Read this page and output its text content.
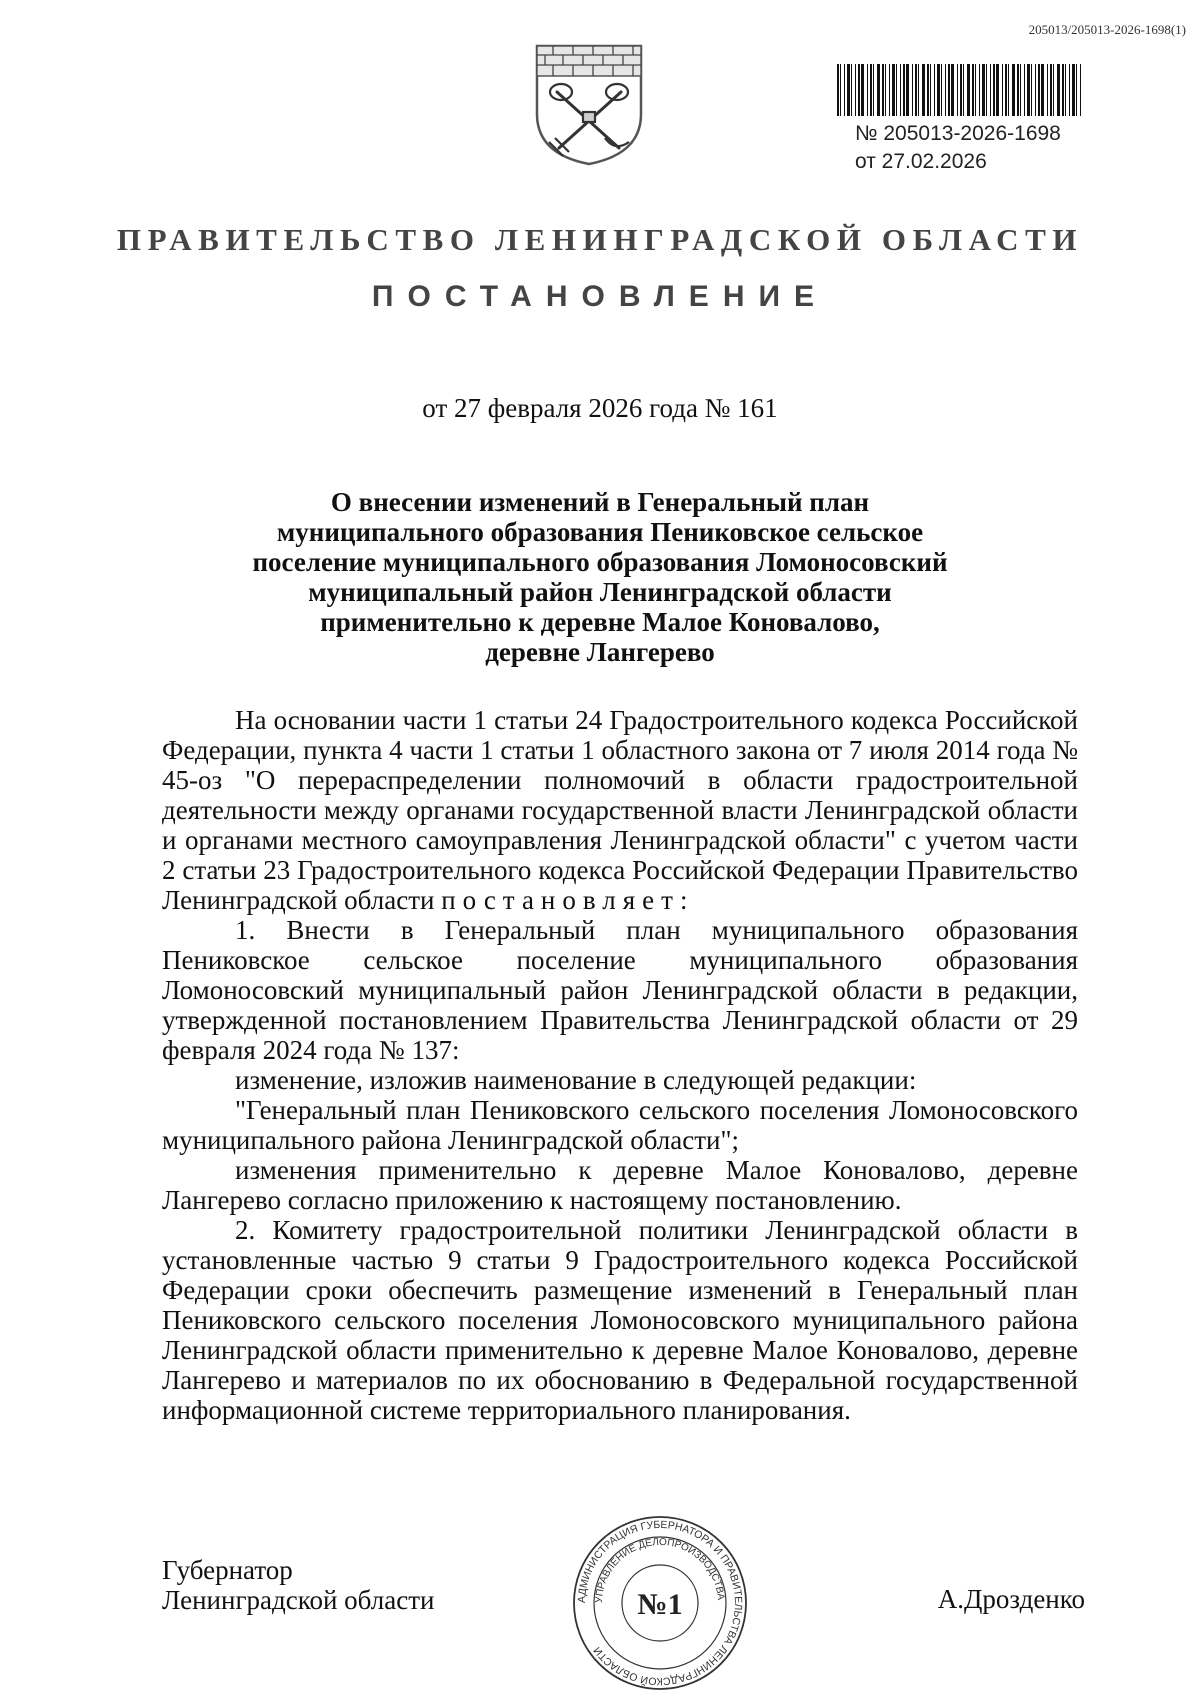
205013/205013-2026-1698(1)
№ 205013-2026-1698
от 27.02.2026
ПРАВИТЕЛЬСТВО ЛЕНИНГРАДСКОЙ ОБЛАСТИ
ПОСТАНОВЛЕНИЕ
от 27 февраля 2026 года № 161
О внесении изменений в Генеральный план
муниципального образования Пениковское сельское
поселение муниципального образования Ломоносовский
муниципальный район Ленинградской области
применительно к деревне Малое Коновалово,
деревне Лангерево

На основании части 1 статьи 24 Градостроительного кодекса Российской Федерации, пункта 4 части 1 статьи 1 областного закона от 7 июля 2014 года № 45-оз "О перераспределении полномочий в области градостроительной деятельности между органами государственной власти Ленинградской области и органами местного самоуправления Ленинградской области" с учетом части 2 статьи 23 Градостроительного кодекса Российской Федерации Правительство Ленинградской области постановляет:

1. Внести в Генеральный план муниципального образования Пениковское сельское поселение муниципального образования Ломоносовский муниципальный район Ленинградской области в редакции, утвержденной постановлением Правительства Ленинградской области от 29 февраля 2024 года № 137:

изменение, изложив наименование в следующей редакции:

"Генеральный план Пениковского сельского поселения Ломоносовского муниципального района Ленинградской области";

изменения применительно к деревне Малое Коновалово, деревне Лангерево согласно приложению к настоящему постановлению.

2. Комитету градостроительной политики Ленинградской области в установленные частью 9 статьи 9 Градостроительного кодекса Российской Федерации сроки обеспечить размещение изменений в Генеральный план Пениковского сельского поселения Ломоносовского муниципального района Ленинградской области применительно к деревне Малое Коновалово, деревне Лангерево и материалов по их обоснованию в Федеральной государственной информационной системе территориального планирования.

Губернатор
Ленинградской области	АДМИНИСТРАЦИЯ ГУБЕРНАТОРА И ПРАВИТЕЛЬСТВА ЛЕНИНГРАДСКОЙ ОБЛАСТИ
УПРАВЛЕНИЕ ДЕЛОПРОИЗВОДСТВА
№1	А.Дрозденко
